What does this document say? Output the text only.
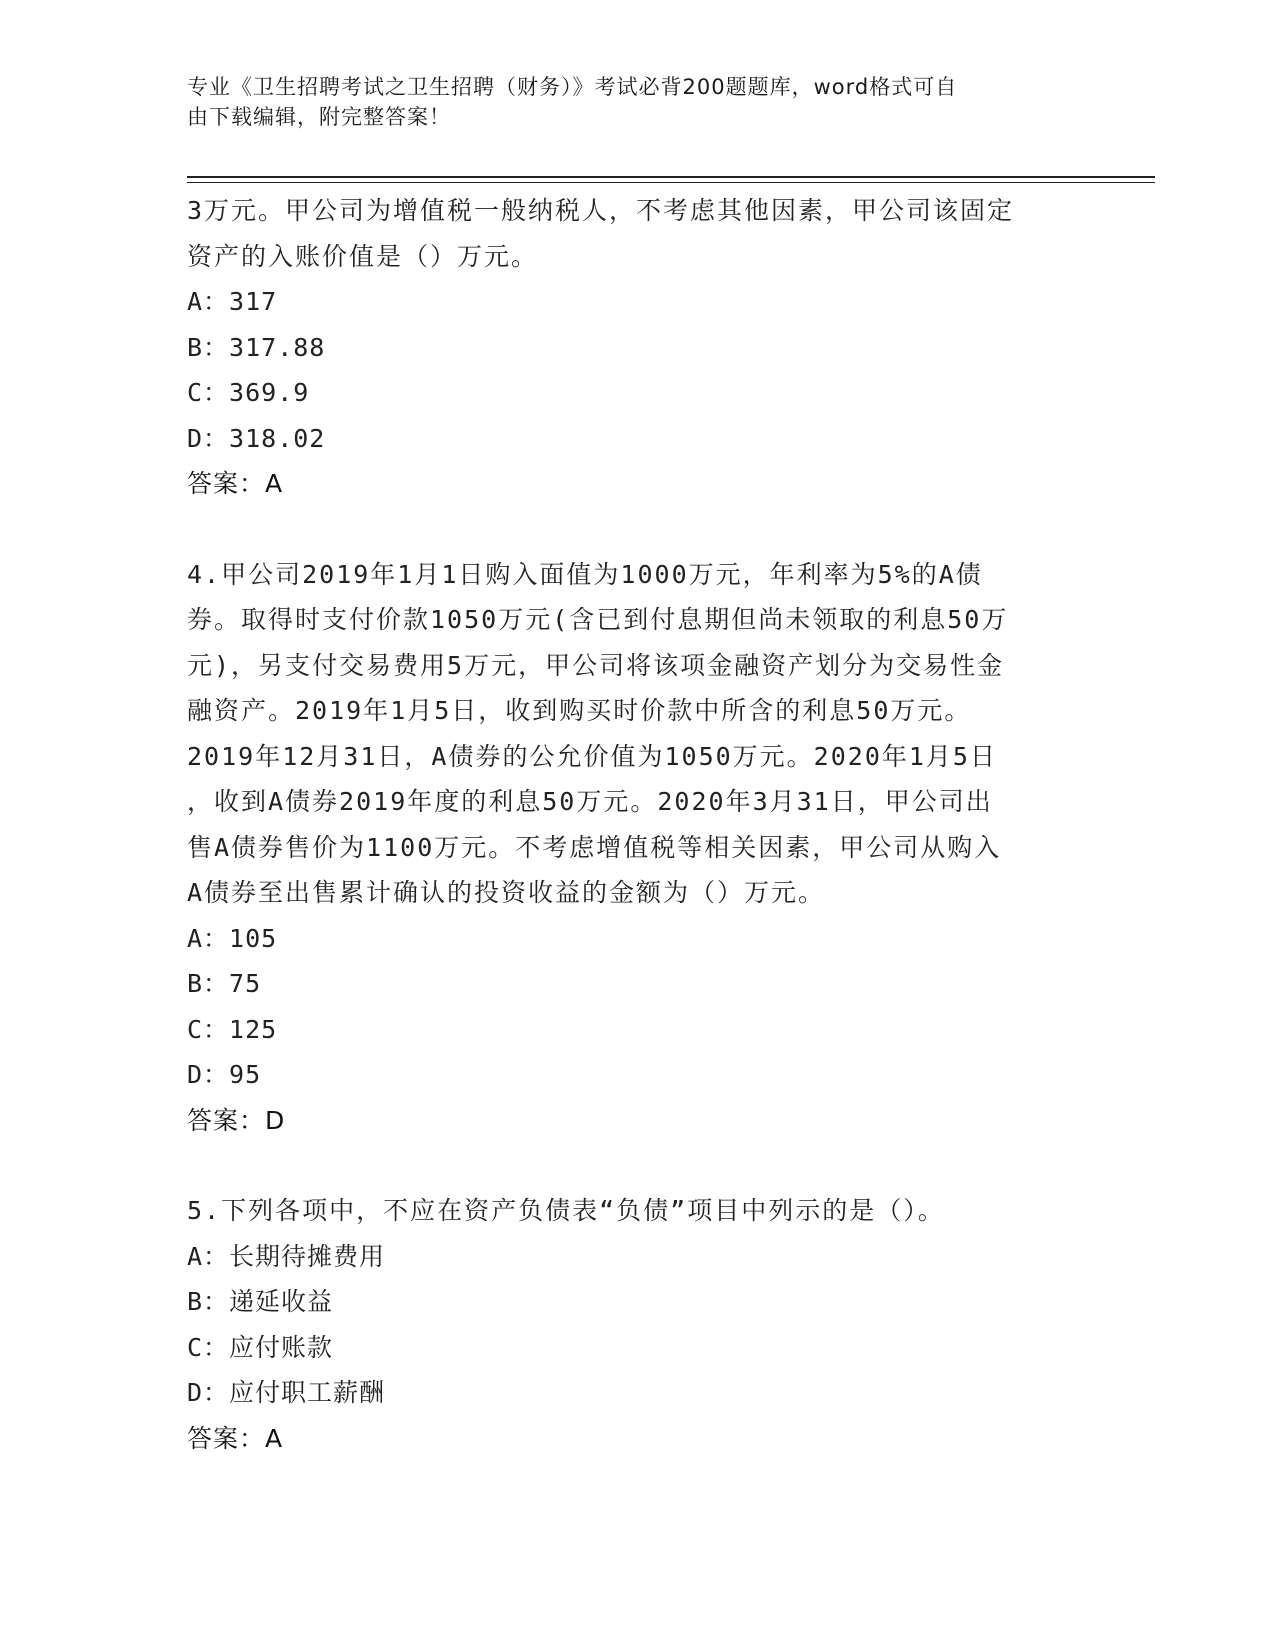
专业《卫生招聘考试之卫生招聘（财务）》考试必背200题题库，word格式可自
由下载编辑，附完整答案！

3万元。甲公司为增值税一般纳税人，不考虑其他因素，甲公司该固定

资产的入账价值是（）万元。

A：317
B：317.88
C：369.9
D：318.02
答案：A

4.甲公司2019年1月1日购入面值为1000万元，年利率为5%的A债

券。取得时支付价款1050万元(含已到付息期但尚未领取的利息50万

元)，另支付交易费用5万元，甲公司将该项金融资产划分为交易性金

融资产。2019年1月5日，收到购买时价款中所含的利息50万元。

2019年12月31日，A债券的公允价值为1050万元。2020年1月5日

，收到A债券2019年度的利息50万元。2020年3月31日，甲公司出

售A债券售价为1100万元。不考虑增值税等相关因素，甲公司从购入

A债券至出售累计确认的投资收益的金额为（）万元。

A：105
B：75
C：125
D：95
答案：D

5.下列各项中，不应在资产负债表“负债”项目中列示的是（）。

A：长期待摊费用
B：递延收益
C：应付账款
D：应付职工薪酬
答案：A
